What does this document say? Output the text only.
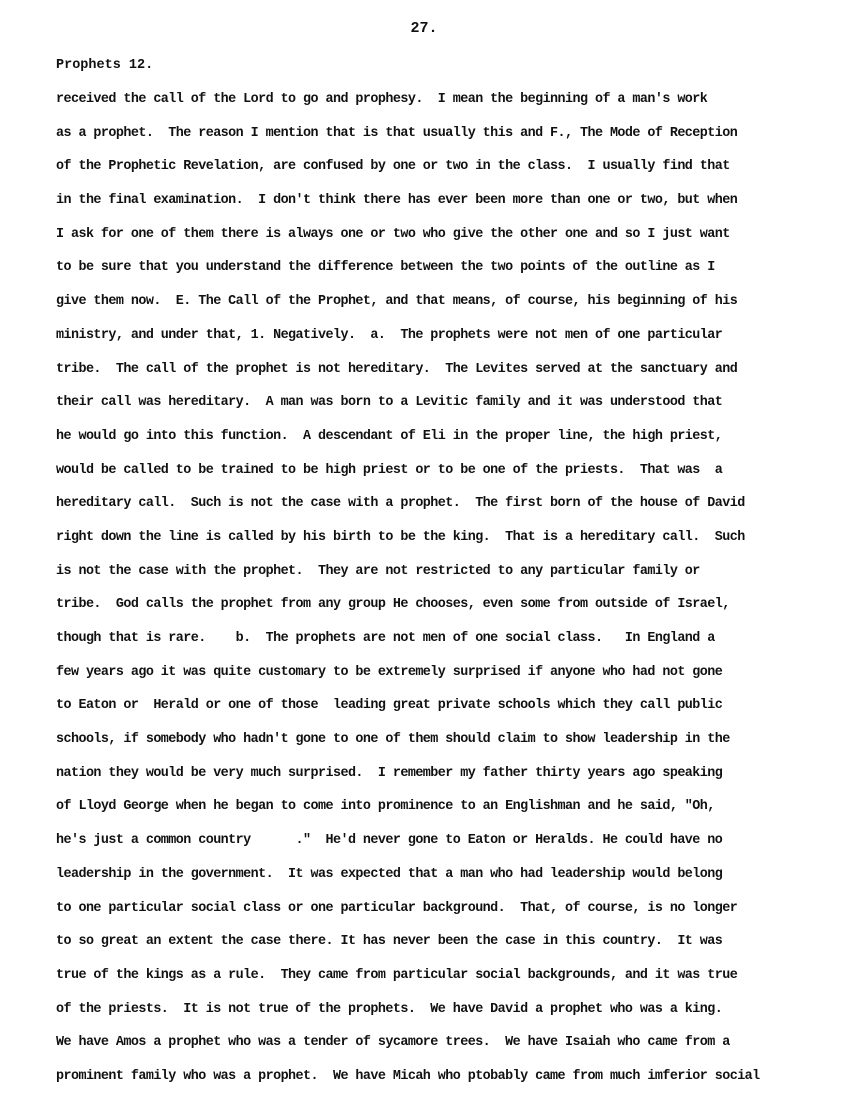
27.
Prophets 12.
received the call of the Lord to go and prophesy.  I mean the beginning of a man's work
as a prophet.  The reason I mention that is that usually this and F., The Mode of Reception
of the Prophetic Revelation, are confused by one or two in the class.  I usually find that
in the final examination.  I don't think there has ever been more than one or two, but when
I ask for one of them there is always one or two who give the other one and so I just want
to be sure that you understand the difference between the two points of the outline as I
give them now.  E. The Call of the Prophet, and that means, of course, his beginning of his
ministry, and under that, 1. Negatively.  a.  The prophets were not men of one particular
tribe.  The call of the prophet is not hereditary.  The Levites served at the sanctuary and
their call was hereditary.  A man was born to a Levitic family and it was understood that
he would go into this function.  A descendant of Eli in the proper line, the high priest,
would be called to be trained to be high priest or to be one of the priests.  That was  a
hereditary call.  Such is not the case with a prophet.  The first born of the house of David
right down the line is called by his birth to be the king.  That is a hereditary call.  Such
is not the case with the prophet.  They are not restricted to any particular family or
tribe.  God calls the prophet from any group He chooses, even some from outside of Israel,
though that is rare.    b.  The prophets are not men of one social class.   In England a
few years ago it was quite customary to be extremely surprised if anyone who had not gone
to Eaton or  Herald or one of those  leading great private schools which they call public
schools, if somebody who hadn't gone to one of them should claim to show leadership in the
nation they would be very much surprised.  I remember my father thirty years ago speaking
of Lloyd George when he began to come into prominence to an Englishman and he said, "Oh,
he's just a common country      ."  He'd never gone to Eaton or Heralds. He could have no
leadership in the government.  It was expected that a man who had leadership would belong
to one particular social class or one particular background.  That, of course, is no longer
to so great an extent the case there. It has never been the case in this country.  It was
true of the kings as a rule.  They came from particular social backgrounds, and it was true
of the priests.  It is not true of the prophets.  We have David a prophet who was a king.
We have Amos a prophet who was a tender of sycamore trees.  We have Isaiah who came from a
prominent family who was a prophet.  We have Micah who ptobably came from much imferior social
